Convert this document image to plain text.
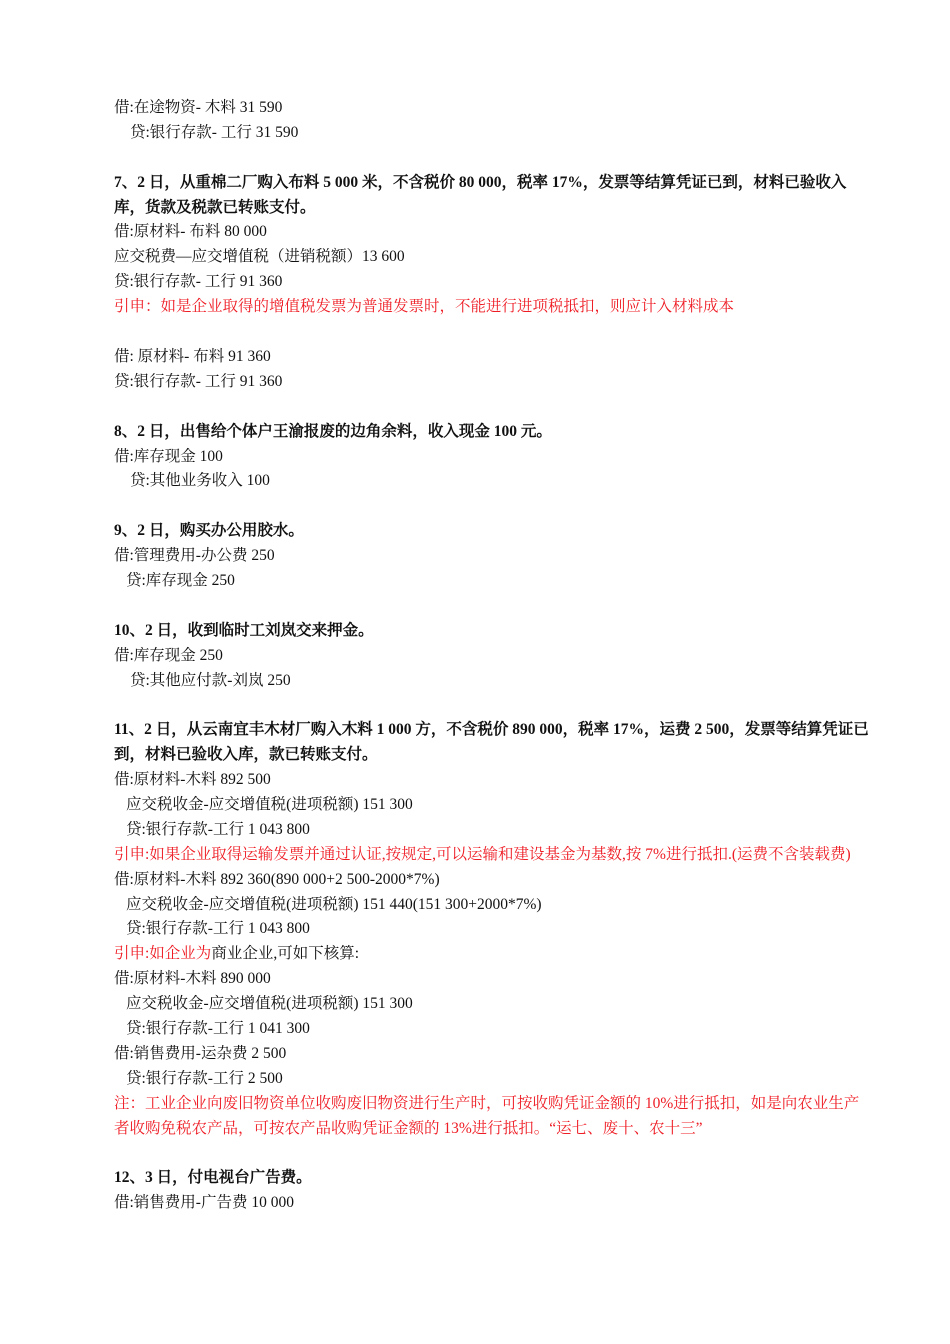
借:在途物资- 木料 31 590
贷:银行存款- 工行 31 590
7、2 日，从重棉二厂购入布料 5 000 米，不含税价 80 000，税率 17%，发票等结算凭证已到，材料已验收入库，货款及税款已转账支付。
借:原材料- 布料 80 000
应交税费—应交增值税（进销税额）13 600
贷:银行存款- 工行 91 360
引申：如是企业取得的增值税发票为普通发票时，不能进行进项税抵扣，则应计入材料成本
借: 原材料- 布料 91 360
贷:银行存款- 工行 91 360
8、2 日，出售给个体户王渝报废的边角余料，收入现金 100 元。
借:库存现金 100
贷:其他业务收入 100
9、2 日，购买办公用胶水。
借:管理费用-办公费 250
贷:库存现金 250
10、2 日，收到临时工刘岚交来押金。
借:库存现金 250
贷:其他应付款-刘岚 250
11、2 日，从云南宜丰木材厂购入木料 1 000 方，不含税价 890 000，税率 17%，运费 2 500，发票等结算凭证已到，材料已验收入库，款已转账支付。
借:原材料-木料 892 500
应交税收金-应交增值税(进项税额) 151 300
贷:银行存款-工行 1 043 800
引申:如果企业取得运输发票并通过认证,按规定,可以运输和建设基金为基数,按 7%进行抵扣.(运费不含装载费)
借:原材料-木料 892 360(890 000+2 500-2000*7%)
应交税收金-应交增值税(进项税额) 151 440(151 300+2000*7%)
贷:银行存款-工行 1 043 800
引申:如企业为商业企业,可如下核算:
借:原材料-木料 890 000
应交税收金-应交增值税(进项税额) 151 300
贷:银行存款-工行 1 041 300
借:销售费用-运杂费 2 500
贷:银行存款-工行 2 500
注：工业企业向废旧物资单位收购废旧物资进行生产时，可按收购凭证金额的 10%进行抵扣，如是向农业生产者收购免税农产品，可按农产品收购凭证金额的 13%进行抵扣。“运七、废十、农十三”
12、3 日，付电视台广告费。
借:销售费用-广告费 10 000
